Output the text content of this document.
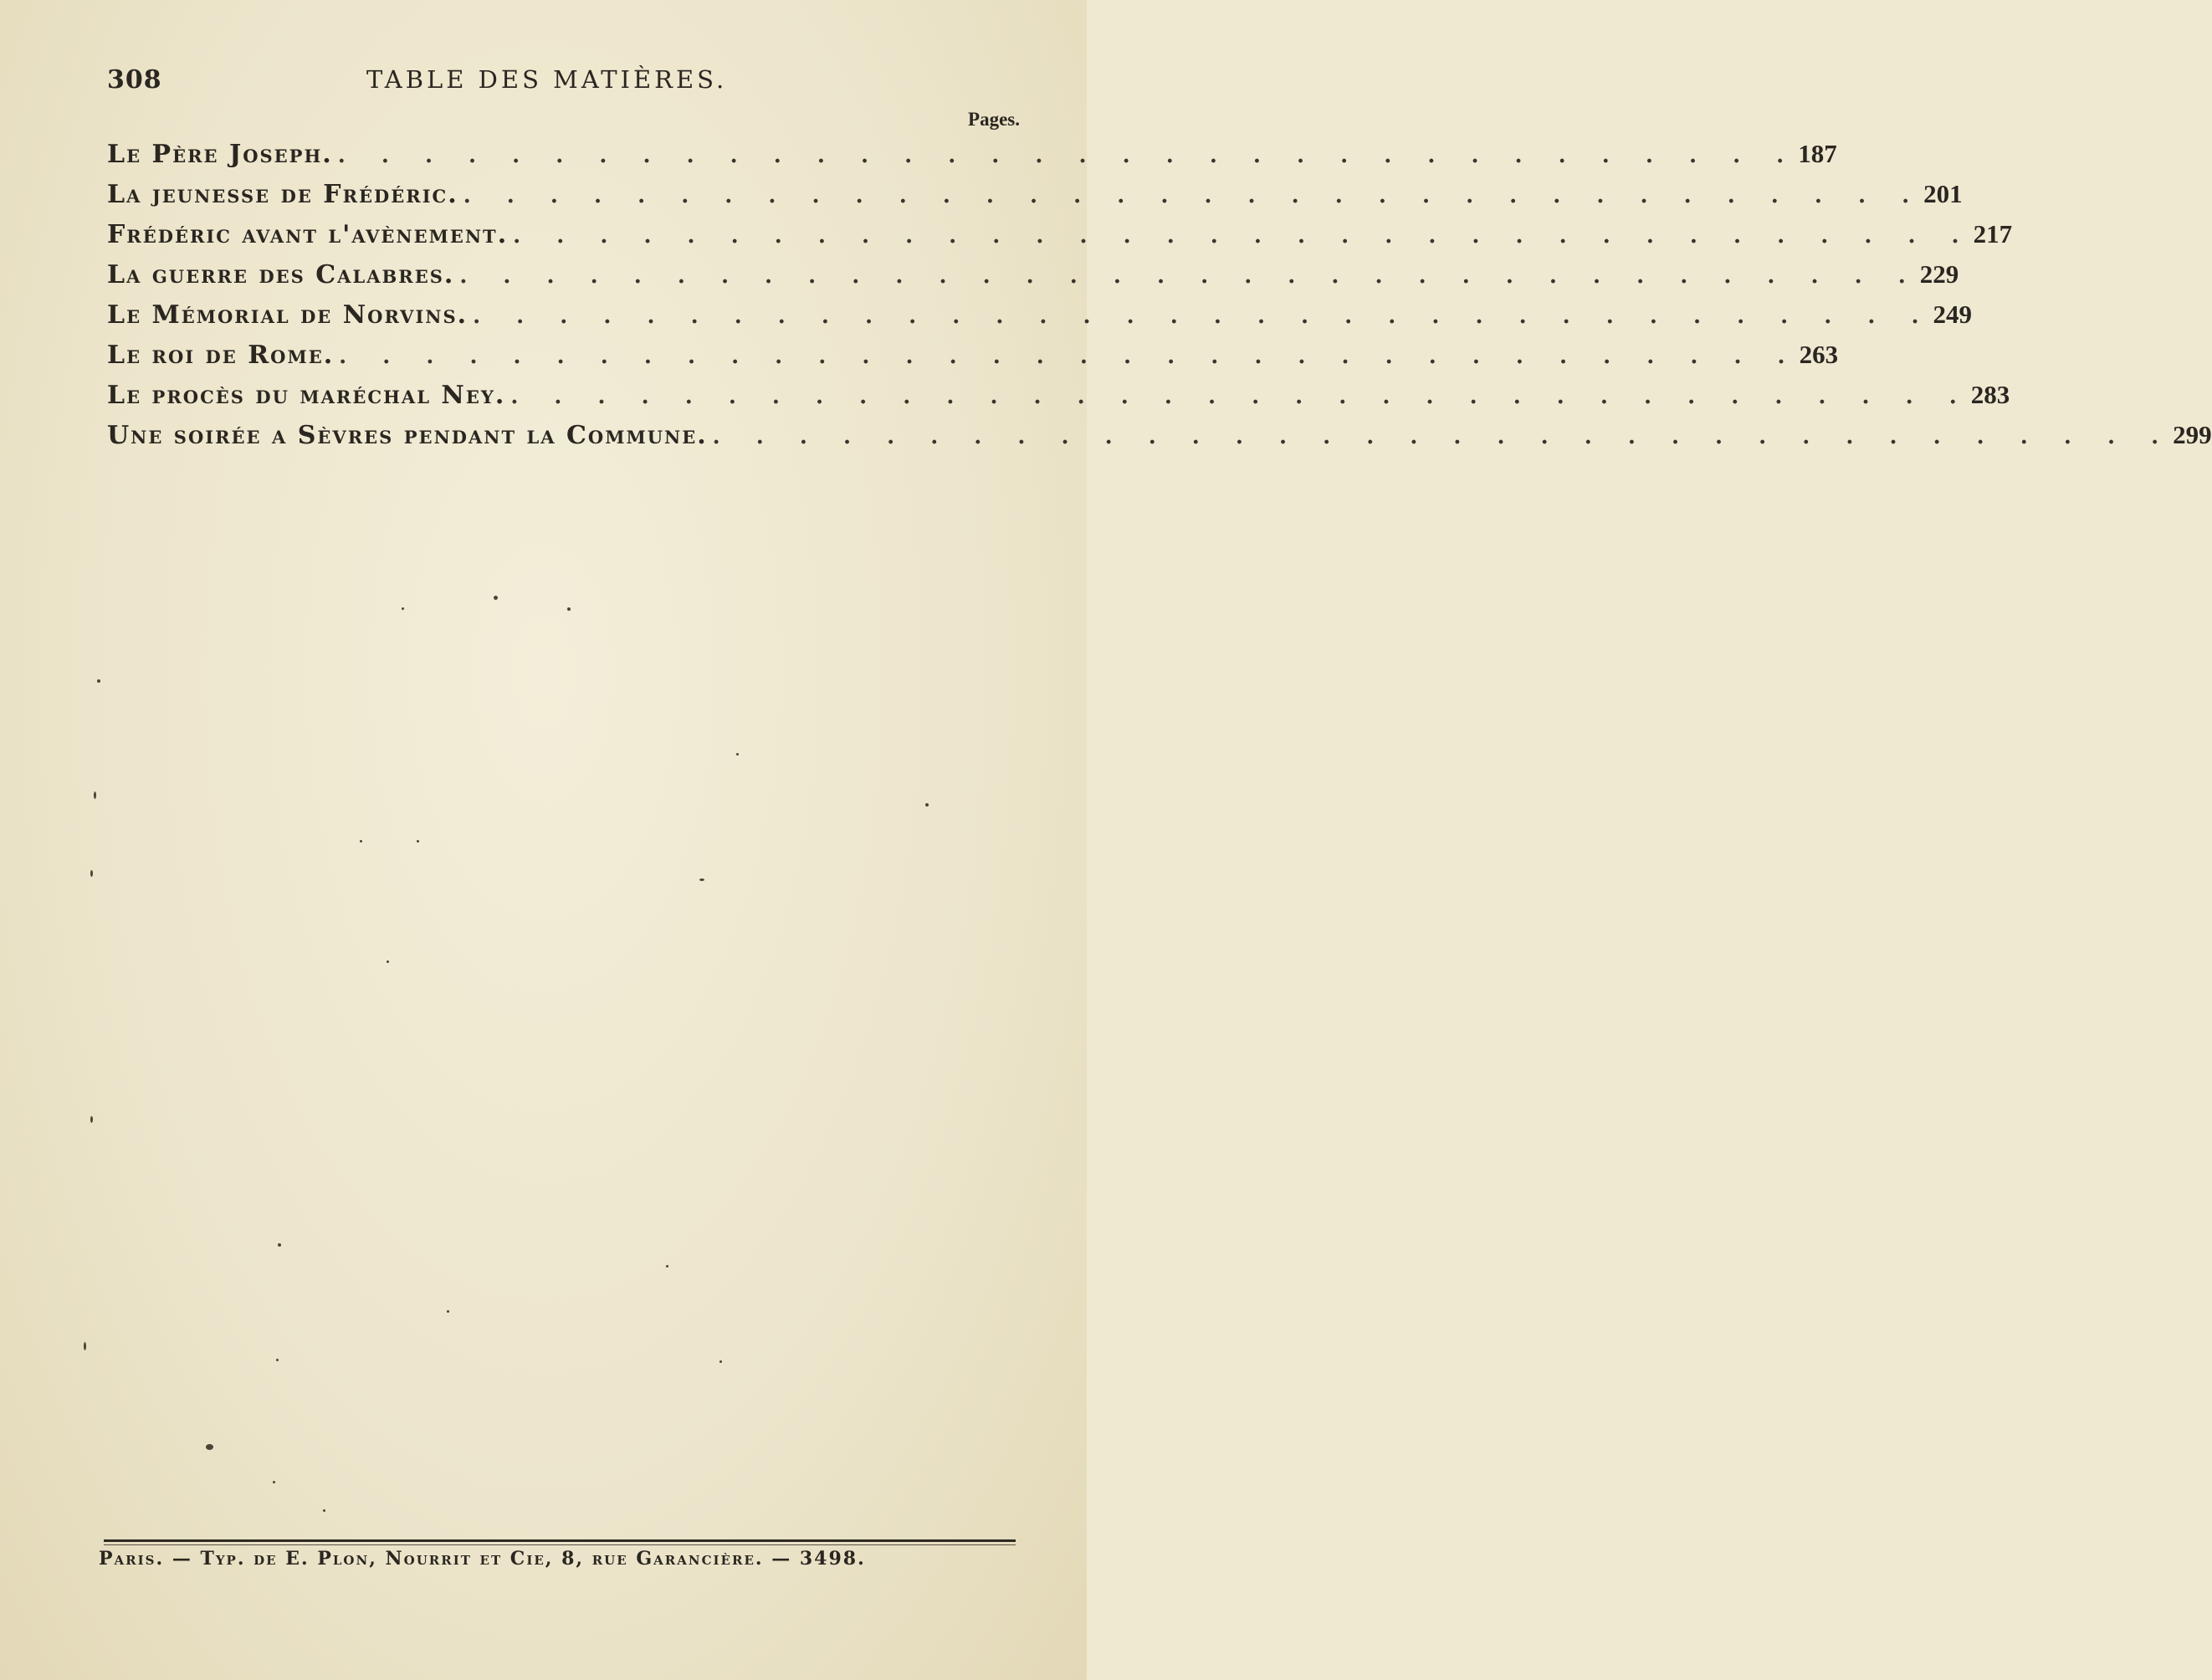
308	TABLE DES MATIÈRES.
Pages.
Le Père Joseph. . . . . . . . . . . . . . . . . . . . . . . . . . . . . . . . . . . 187
La jeunesse de Frédéric. . . . . . . . . . . . . . . . . . . . . . . . . . . . . . . . . . . 201
Frédéric avant l'avènement. . . . . . . . . . . . . . . . . . . . . . . . . . . . . . . . . . . 217
La guerre des Calabres. . . . . . . . . . . . . . . . . . . . . . . . . . . . . . . . . . . 229
Le Mémorial de Norvins. . . . . . . . . . . . . . . . . . . . . . . . . . . . . . . . . . . 249
Le roi de Rome. . . . . . . . . . . . . . . . . . . . . . . . . . . . . . . . . . . 263
Le procès du maréchal Ney. . . . . . . . . . . . . . . . . . . . . . . . . . . . . . . . . . . 283
Une soirée a Sèvres pendant la Commune. . . . . . . . . . . . . . . . . . . . . . . . . . . . . . . . . . . 299
Paris. — Typ. de E. Plon, Nourrit et Cie, 8, rue Garancière. — 3498.
